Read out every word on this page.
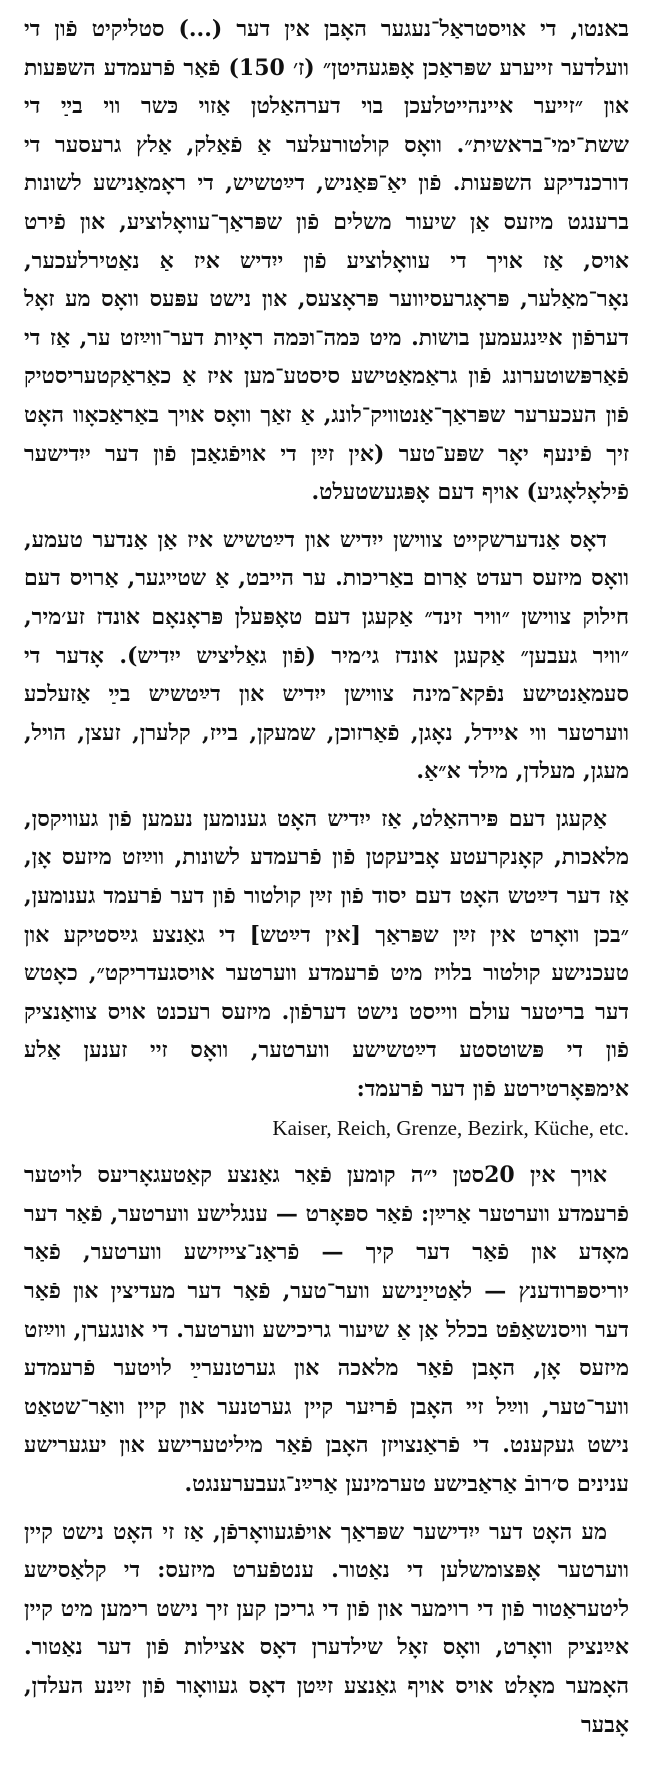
באנטו, די אויסטראַל־נעגער האָבן אין דער (...) סטליקיט פֿון די וועלדער זייערע שפּראַכן אָפּגעהיטן״ (ז׳ 150) פֿאַר פֿרעמדע השפּעות און ״זייער איינהייטלעכן בוי דערהאַלטן אַזוי כּשר ווי בײַ די ששת־ימי־בראשית״. וואָס קולטורעלער אַ פֿאַלק, אַלץ גרעסער די דורכנדיקע השפּעות. פֿון יאַ־פּאַניש, דײַטשיש, די ראָמאַנישע לשונות ברענגט מיזעס אַן שיעור משלים פֿון שפּראַך־עוואָלוציע, און פֿירט אויס, אַז אויך די עוואָלוציע פֿון ייִדיש איז אַ נאַטירלעכער, נאָר־מאַלער, פּראָגרעסיווער פּראָצעס, און נישט עפּעס וואָס מע זאָל דערפֿון אײַנגעמען בושות. מיט כּמה־וכּמה ראָיות דער־ווײַזט ער, אַז די פֿאַרפּשוטערונג פֿון גראַמאַטישע סיסטע־מען איז אַ כאַראַקטעריסטיק פֿון העכערער שפּראַך־אַנטוויק־לונג, אַ זאַך וואָס אויך באַראַכאָוו האָט זיך פֿינעף יאָר שפּע־טער (אין זײַן די אויפֿגאַבן פֿון דער ייִדישער פֿילאָלאָגיע) אויף דעם אָפּגעשטעלט.

דאָס אַנדערשקייט צווישן ייִדיש און דײַטשיש איז אַן אַנדער טעמע, וואָס מיזעס רעדט אַרום באַריכות. ער הייבט, אַ שטייגער, אַרויס דעם חילוק צווישן ״וויר זינד״ אַקעגן דעם טאָפּעלן פּראָנאָם אונדז זע׳מיר, ״וויר געבען״ אַקעגן אונדז גי׳מיר (פֿון גאַליציש ייִדיש). אָדער די סעמאַנטישע נפֿקא־מינה צווישן ייִדיש און דײַטשיש בײַ אַזעלכע ווערטער ווי איידל, נאָגן, פֿאַרזוכן, שמעקן, בייז, קלערן, זעצן, הויל, מעגן, מעלדן, מילד א״אַ.

אַקעגן דעם פּירהאַלט, אַז ייִדיש האָט גענומען נעמען פֿון געוויקסן, מלאכות, קאָנקרעטע אָביעקטן פֿון פֿרעמדע לשונות, ווײַזט מיזעס אָן, אַז דער דײַטש האָט דעם יסוד פֿון זײַן קולטור פֿון דער פֿרעמד גענומען, ״בכן וואָרט אין זײַן שפּראַך [אין דײַטש] די גאַנצע גײַסטיקע און טעכנישע קולטור בלויז מיט פֿרעמדע ווערטער אויסגעדריקט״, כאָטש דער בריטער עולם ווייסט נישט דערפֿון. מיזעס רעכנט אויס צוואַנציק פֿון די פּשוטסטע דײַטשישע ווערטער, וואָס זיי זענען אַלע אימפּאָרטירטע פֿון דער פֿרעמד:
Kaiser, Reich, Grenze, Bezirk, Küche, etc.

אויך אין 20סטן י״ה קומען פֿאַר גאַנצע קאַטעגאָריעס לויטער פֿרעמדע ווערטער אַרײַן: פֿאַר ספּאָרט — ענגלישע ווערטער, פֿאַר דער מאָדע און פֿאַר דער קיך — פֿראַנ־צייזישע ווערטער, פֿאַר יוריספּרודענץ — לאַטייַנישע ווער־טער, פֿאַר דער מעדיצין און פֿאַר דער וויסנשאַפֿט בכלל אַן אַ שיעור גריכישע ווערטער. די אונגערן, ווײַזט מיזעס אָן, האָבן פֿאַר מלאכה און גערטנערײַ לויטער פֿרעמדע ווער־טער, ווײַל זיי האָבן פֿריִער קיין גערטנער און קיין וואַר־שטאַט נישט געקענט. די פֿראַנצויזן האָבן פֿאַר מיליטערישע און יעגערישע ענינים ס׳רובֿ אַראַבישע טערמינען אַרײַנ־געבערענגט.

מע האָט דער ייִדישער שפּראַך אויפֿגעוואָרפֿן, אַז זי האָט נישט קיין ווערטער אָפּצומשלען די נאַטור. ענטפֿערט מיזעס: די קלאַסישע ליטעראַטור פֿון די רוימער און פֿון די גריכן קען זיך נישט רימען מיט קיין אײַנציק וואָרט, וואָס זאָל שילדערן דאָס אצילות פֿון דער נאַטור. האָמער מאָלט אויס אויף גאַנצע זײַטן דאָס געוואָור פֿון זײַנע העלדן, אָבער
